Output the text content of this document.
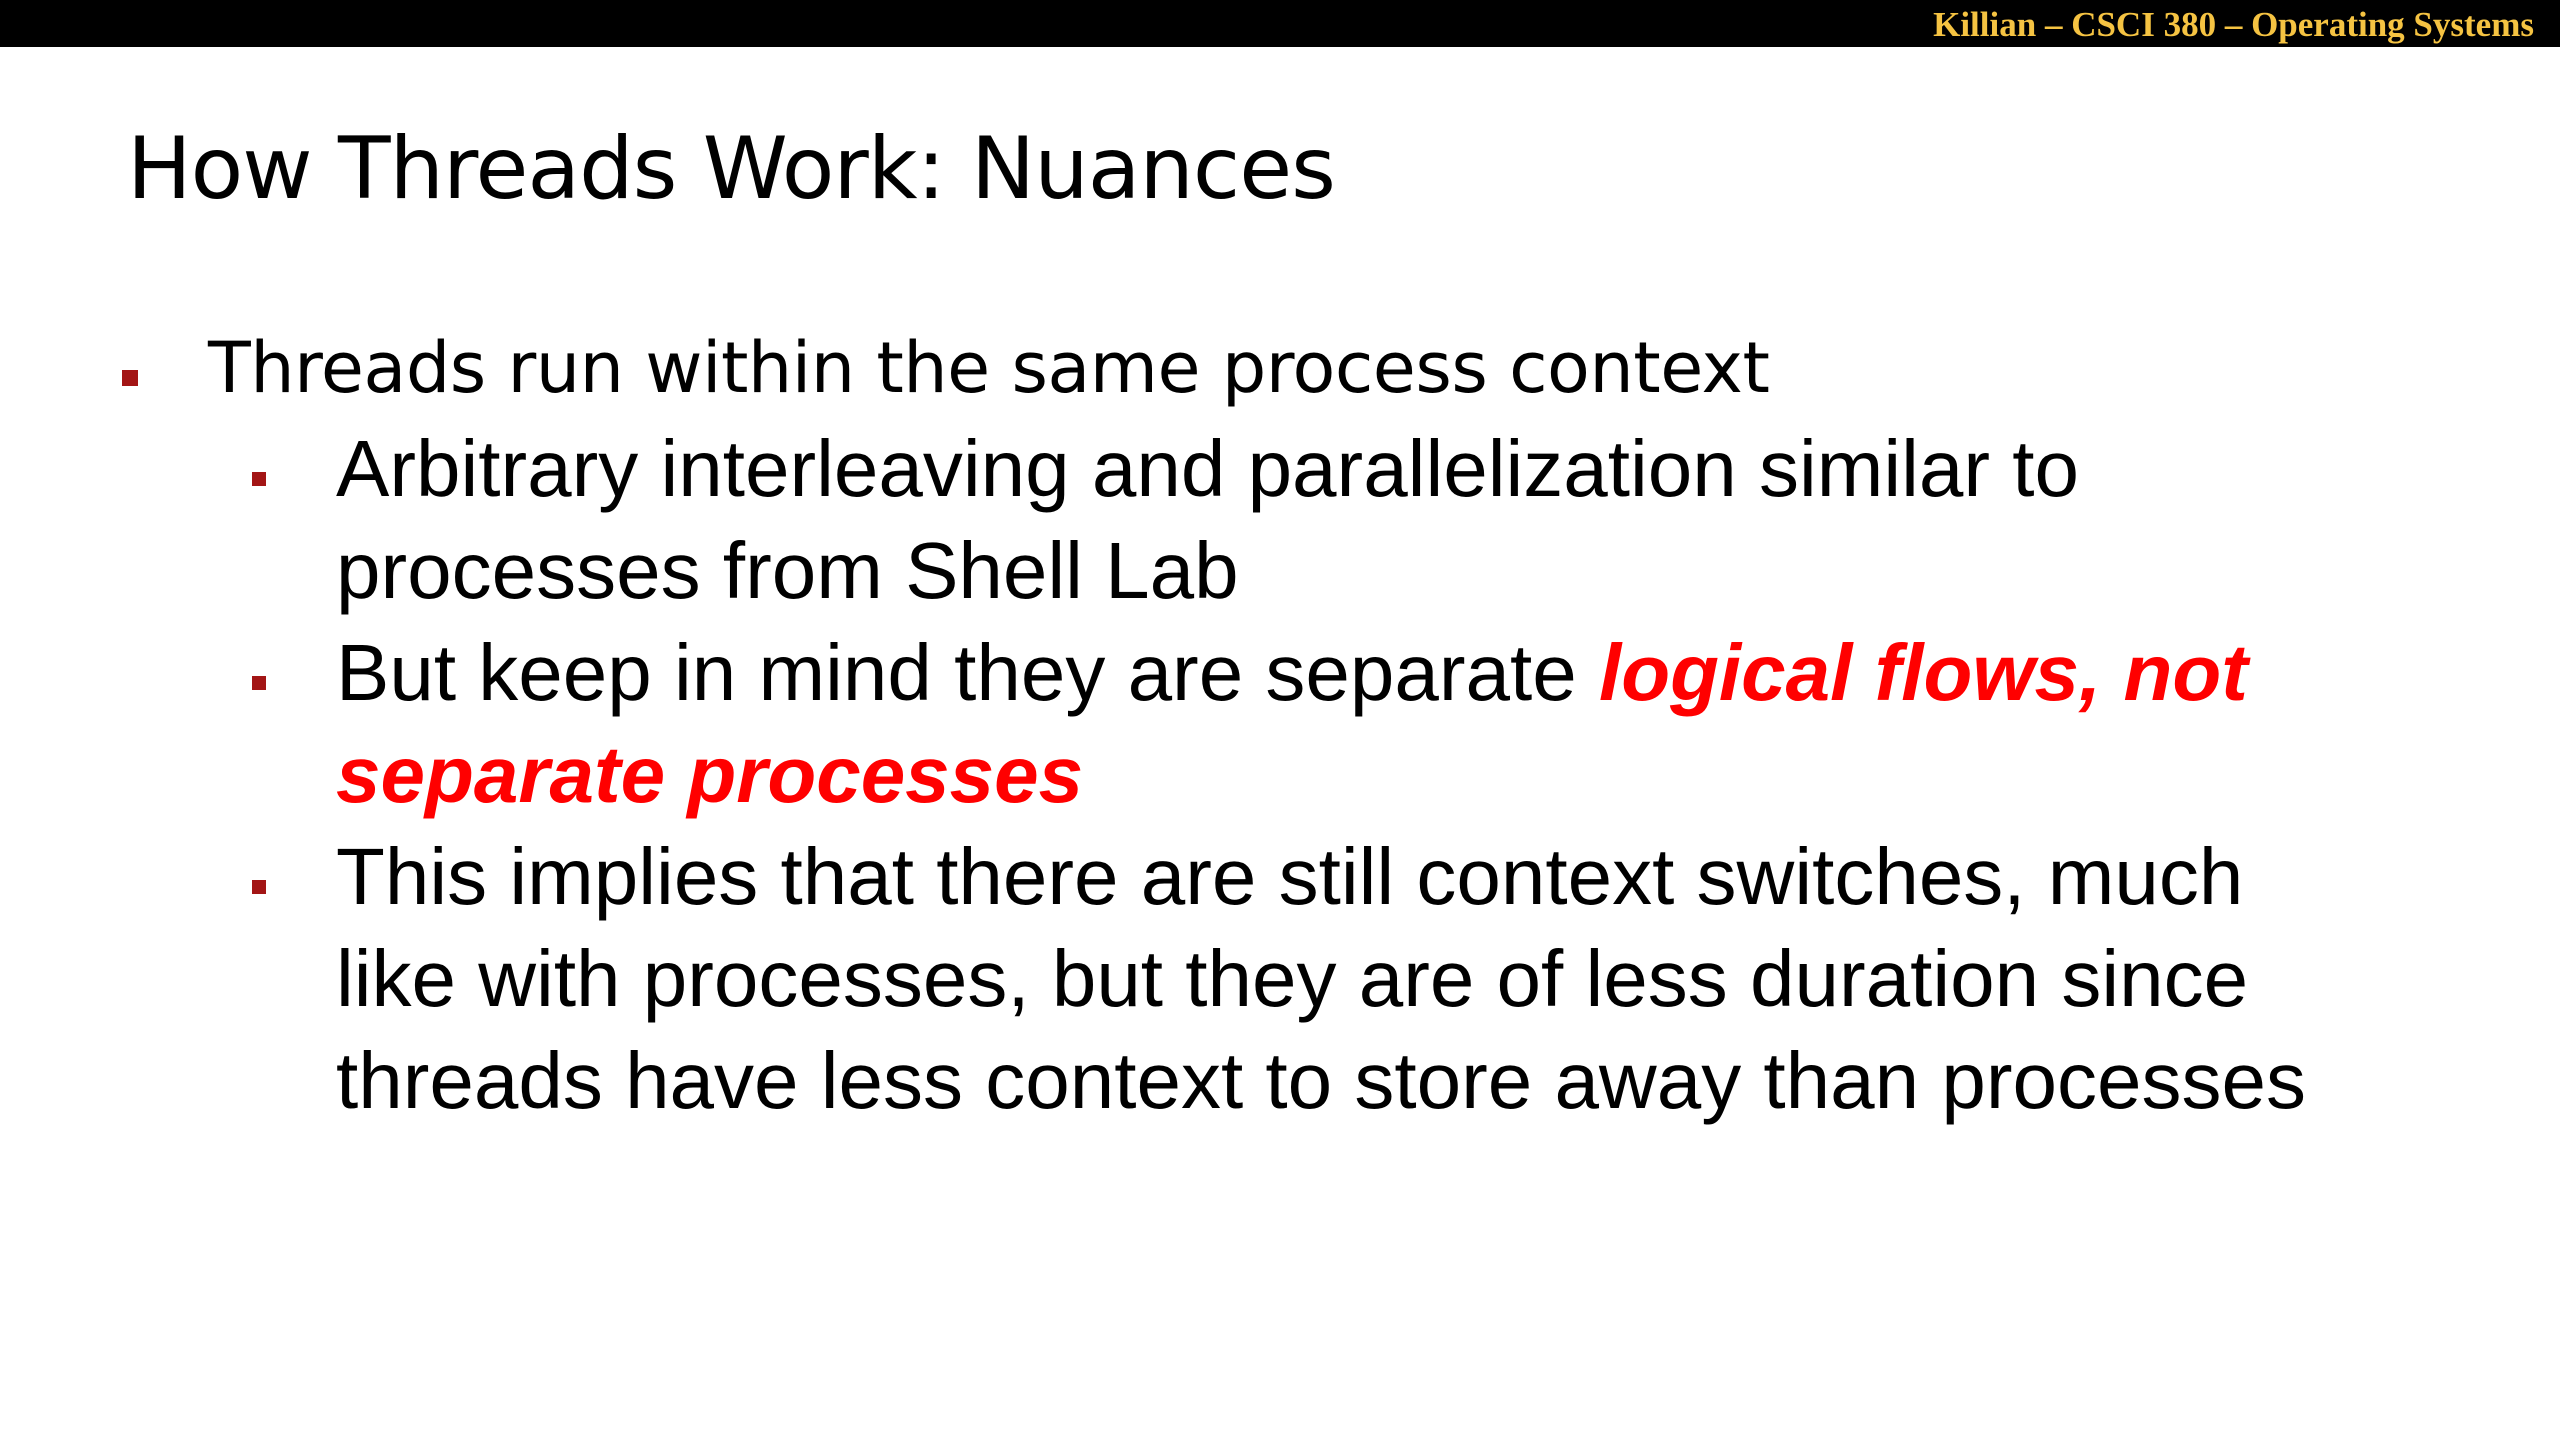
Killian – CSCI 380 – Operating Systems
How Threads Work: Nuances
Threads run within the same process context
Arbitrary interleaving and parallelization similar to
processes from Shell Lab
But keep in mind they are separate logical flows, not
separate processes
This implies that there are still context switches, much
like with processes, but they are of less duration since
threads have less context to store away than processes
